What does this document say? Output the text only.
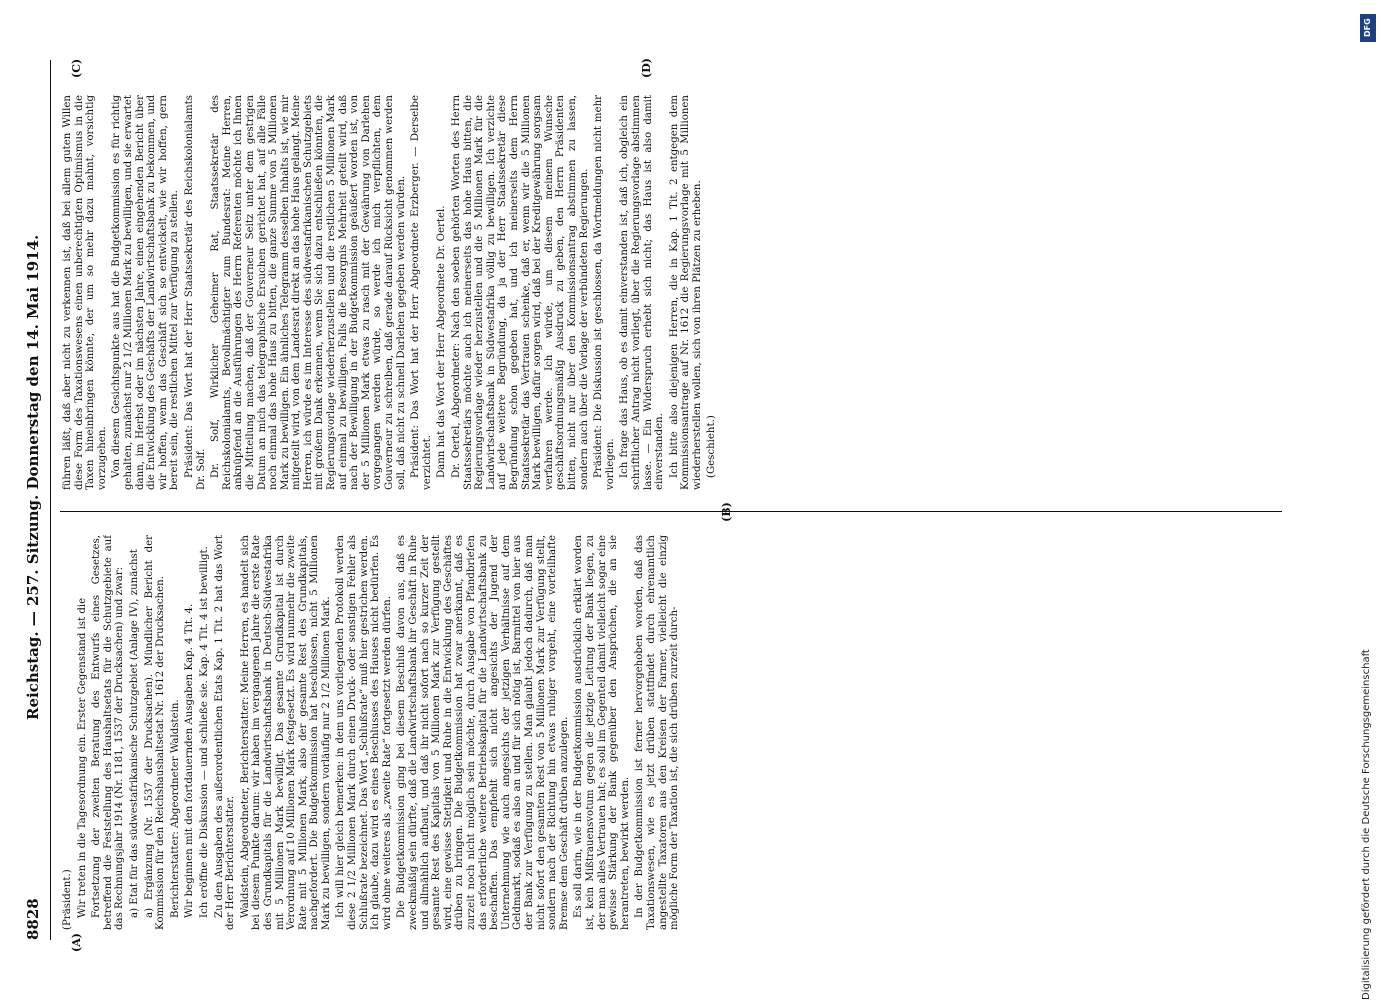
8828
Reichstag. — 257. Sitzung. Donnerstag den 14. Mai 1914.
(A)
(B)
(C)	(D)

(Präsident.) Wir treten in die Tagesordnung ein. Erster Gegenstand ist die Fortsetzung der zweiten Beratung des Entwurfs eines Gesetzes, betreffend die Feststellung des Haushaltsetats für die Schutzgebiete auf das Rechnungsjahr 1914 (Nr. 1181, 1537 der Drucksachen) und zwar: a) Etat für das südwestafrikanische Schutzgebiet (Anlage IV), zunächst a) Ergänzung (Nr. 1537 der Drucksachen). Mündlicher Bericht der Kommission für den Reichshaushaltsetat Nr. 1612 der Drucksachen. Berichterstatter: Abgeordneter Waldstein. Wir beginnen mit den fortdauernden Ausgaben Kap. 4 Tit. 4. Ich eröffne die Diskussion — und schließe sie. Kap. 4 Tit. 4 ist bewilligt. Zu den Ausgaben des außerordentlichen Etats Kap. 1 Tit. 2 hat das Wort der Herr Berichterstatter. Waldstein, Abgeordneter, Berichterstatter: Meine Herren, es handelt sich bei diesem Punkte darum: wir haben im vergangenen Jahre die erste Rate des Grundkapitals für die Landwirtschaftsbank in Deutsch-Südwestafrika mit 5 Millionen Mark bewilligt. Das gesamte Grundkapital ist durch Verordnung auf 10 Millionen Mark festgesetzt. Es wird nunmehr die zweite Rate mit 5 Millionen Mark, also der gesamte Rest des Grundkapitals, nachgefordert. Die Budgetkommission hat beschlossen, nicht 5 Millionen Mark zu bewilligen, sondern vorläufig nur 2 1/2 Millionen Mark. Ich will hier gleich bemerken: in dem uns vorliegenden Protokoll werden diese 2 1/2 Millionen Mark durch einen Druck- oder sonstigen Fehler als Schlußrate bezeichnet. Das Wort „Schlußrate“ muß hier gestrichen werden. Ich glaube, dazu wird es eines Beschlusses des Hauses nicht bedürfen. Es wird ohne weiteres als „zweite Rate“ fortgesetzt werden dürfen. Die Budgetkommission ging bei diesem Beschluß davon aus, daß es zweckmäßig sein dürfte, daß die Landwirtschaftsbank ihr Geschäft in Ruhe und allmählich aufbaut, und daß ihr nicht sofort nach so kurzer Zeit der gesamte Rest des Kapitals von 5 Millionen Mark zur Verfügung gestellt wird, eine gewisse Stetigkeit und Ruhe in die Entwicklung des Geschäftes drüben zu bringen. Die Budgetkommission hat zwar anerkannt, daß es zurzeit noch nicht möglich sein möchte, durch Ausgabe von Pfandbriefen das erforderliche weitere Betriebskapital für die Landwirtschaftsbank zu beschaffen. Das empfiehlt sich nicht angesichts der Jugend der Unternehmung wie auch angesichts der jetzigen Verhältnisse auf dem Geldmarkt, sodaß es also an und für sich nötig ist, Barmittel von hier aus der Bank zur Verfügung zu stellen. Man glaubt jedoch dadurch, daß man nicht sofort den gesamten Rest von 5 Millionen Mark zur Verfügung stellt, sondern nach der Richtung hin etwas ruhiger vorgeht, eine vorteilhafte Bremse dem Geschäft drüben anzulegen. Es soll darin, wie in der Budgetkommission ausdrücklich erklärt worden ist, kein Mißtrauensvotum gegen die jetzige Leitung der Bank liegen, zu der man alles Vertrauen hat; es soll im Gegenteil damit vielleicht sogar eine gewisse Stärkung der Bank gegenüber den Ansprüchen, die an sie herantreten, bewirkt werden. In der Budgetkommission ist ferner hervorgehoben worden, daß das Taxationswesen, wie es jetzt drüben stattfindet durch ehrenamtlich angestellte Taxatoren aus den Kreisen der Farmer, vielleicht die einzig mögliche Form der Taxation ist, die sich drüben zurzeit durch-

führen läßt, daß aber nicht zu verkennen ist, daß bei allem guten Willen diese Form des Taxationswesens einen unberechtigten Optimismus in die Taxen hineinbringen könnte, der um so mehr dazu mahnt, vorsichtig vorzugehen. Von diesem Gesichtspunkte aus hat die Budgetkommission es für richtig gehalten, zunächst nur 2 1/2 Millionen Mark zu bewilligen, und sie erwartet dann, im Herbst oder im nächsten Jahre, einen eingehenden Bericht über die Entwicklung des Geschäfts der Landwirtschaftsbank zu bekommen, und wir hoffen, wenn das Geschäft sich so entwickelt, wie wir hoffen, gern bereit sein, die restlichen Mittel zur Verfügung zu stellen. Präsident: Das Wort hat der Herr Staatssekretär des Reichskolonialamts Dr. Solf. Dr. Solf, Wirklicher Geheimer Rat, Staatssekretär des Reichskolonialamts, Bevollmächtigter zum Bundesrat: Meine Herren, anknüpfend an die Ausführungen des Herrn Referenten möchte ich Ihnen die Mitteilung machen, daß der Gouverneur Seitz unter dem gestrigen Datum an mich das telegraphische Ersuchen gerichtet hat, auf alle Fälle noch einmal das hohe Haus zu bitten, die ganze Summe von 5 Millionen Mark zu bewilligen. Ein ähnliches Telegramm desselben Inhalts ist, wie mir mitgeteilt wird, von dem Landesrat direkt an das hohe Haus gelangt. Meine Herren, ich würde es im Interesse des südwestafrikanischen Schutzgebiets mit großem Dank erkennen, wenn Sie sich dazu entschließen könnten, die Regierungsvorlage wiederherzustellen und die restlichen 5 Millionen Mark auf einmal zu bewilligen. Falls die Besorgnis Mehrheit geteilt wird, daß nach der Bewilligung in der Budgetkommission geäußert worden ist, von der 5 Millionen Mark etwas zu rasch mit der Gewährung von Darlehen vorgegangen werden würde, so werde ich mich verpflichten, dem Gouverneur zu schreiben, daß gerade darauf Rücksicht genommen werden soll, daß nicht zu schnell Darlehen gegeben werden würden. Präsident: Das Wort hat der Herr Abgeordnete Erzberger. — Derselbe verzichtet. Dann hat das Wort der Herr Abgeordnete Dr. Oertel. Dr. Oertel, Abgeordneter: Nach den soeben gehörten Worten des Herrn Staatssekretärs möchte auch ich meinerseits das hohe Haus bitten, die Regierungsvorlage wieder herzustellen und die 5 Millionen Mark für die Landwirtschaftsbank in Südwestafrika völlig zu bewilligen. Ich verzichte auf jede weitere Begründung, da ja der Herr Staatssekretär diese Begründung schon gegeben hat, und ich meinerseits dem Herrn Staatssekretär das Vertrauen schenke, daß er, wenn wir die 5 Millionen Mark bewilligen, dafür sorgen wird, daß bei der Kreditgewährung sorgsam verfahren werde. Ich würde, um diesem meinem Wunsche geschäftsordnungsmäßig Ausdruck zu geben, den Herrn Präsidenten bitten, nicht nur über den Kommissionsantrag abstimmen zu lassen, sondern auch über die Vorlage der verbündeten Regierungen. Präsident: Die Diskussion ist geschlossen, da Wortmeldungen nicht mehr vorliegen. Ich frage das Haus, ob es damit einverstanden ist, daß ich, obgleich ein schriftlicher Antrag nicht vorliegt, über die Regierungsvorlage abstimmen lasse. — Ein Widerspruch erhebt sich nicht; das Haus ist also damit einverstanden. Ich bitte also diejenigen Herren, die in Kap. 1 Tit. 2 entgegen dem Kommissionsantrage auf Nr. 1612 die Regierungsvorlage mit 5 Millionen wiederherstellen wollen, sich von ihren Plätzen zu erheben. (Geschieht.)

Digitalisierung gefördert durch die Deutsche Forschungsgemeinschaft
DFG
